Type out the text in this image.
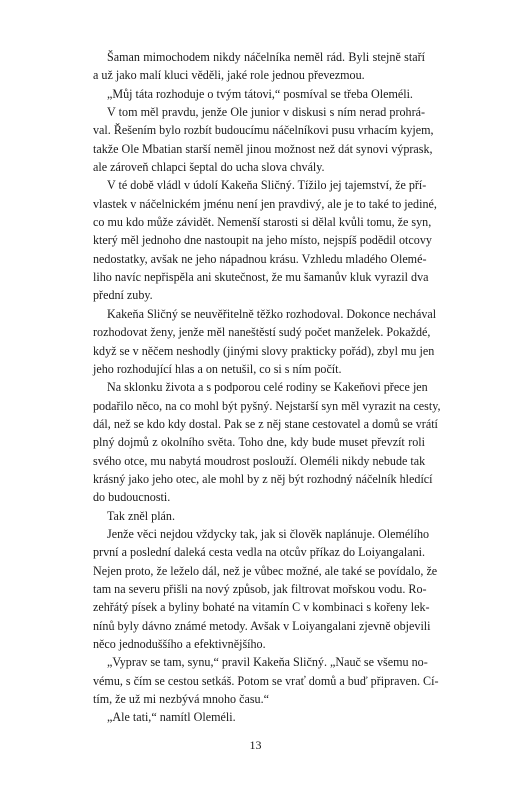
Šaman mimochodem nikdy náčelníka neměl rád. Byli stejně staří
a už jako malí kluci věděli, jaké role jednou převezmou.

„Můj táta rozhoduje o tvým tátovi,“ posmíval se třeba Oleméli.

V tom měl pravdu, jenže Ole junior v diskusi s ním nerad prohrá-
val. Řešením bylo rozbít budoucímu náčelníkovi pusu vrhacím kyjem,
takže Ole Mbatian starší neměl jinou možnost než dát synovi výprask,
ale zároveň chlapci šeptal do ucha slova chvály.

V té době vládl v údolí Kakeňa Sličný. Tížilo jej tajemství, že pří-
vlastek v náčelnickém jménu není jen pravdivý, ale je to také to jediné,
co mu kdo může závidět. Nemenší starosti si dělal kvůli tomu, že syn,
který měl jednoho dne nastoupit na jeho místo, nejspíš podědil otcovy
nedostatky, avšak ne jeho nápadnou krásu. Vzhledu mladého Olemé-
liho navíc nepřispěla ani skutečnost, že mu šamanův kluk vyrazil dva
přední zuby.

Kakeňa Sličný se neuvěřitelně těžko rozhodoval. Dokonce nechával
rozhodovat ženy, jenže měl naneštěstí sudý počet manželek. Pokaždé,
když se v něčem neshodly (jinými slovy prakticky pořád), zbyl mu jen
jeho rozhodující hlas a on netušil, co si s ním počít.

Na sklonku života a s podporou celé rodiny se Kakeňovi přece jen
podařilo něco, na co mohl být pyšný. Nejstarší syn měl vyrazit na cesty,
dál, než se kdo kdy dostal. Pak se z něj stane cestovatel a domů se vrátí
plný dojmů z okolního světa. Toho dne, kdy bude muset převzít roli
svého otce, mu nabytá moudrost poslouží. Oleméli nikdy nebude tak
krásný jako jeho otec, ale mohl by z něj být rozhodný náčelník hledící
do budoucnosti.

Tak zněl plán.

Jenže věci nejdou vždycky tak, jak si člověk naplánuje. Olemélího
první a poslední daleká cesta vedla na otcův příkaz do Loiyangalani.
Nejen proto, že leželo dál, než je vůbec možné, ale také se povídalo, že
tam na severu přišli na nový způsob, jak filtrovat mořskou vodu. Ro-
zehřátý písek a byliny bohaté na vitamín C v kombinaci s kořeny lek-
nínů byly dávno známé metody. Avšak v Loiyangalani zjevně objevili
něco jednoduššího a efektivnějšího.

„Vyprav se tam, synu,“ pravil Kakeňa Sličný. „Nauč se všemu no-
vému, s čím se cestou setkáš. Potom se vrať domů a buď připraven. Cí-
tím, že už mi nezbývá mnoho času.“

„Ale tati,“ namítl Oleméli.

13
